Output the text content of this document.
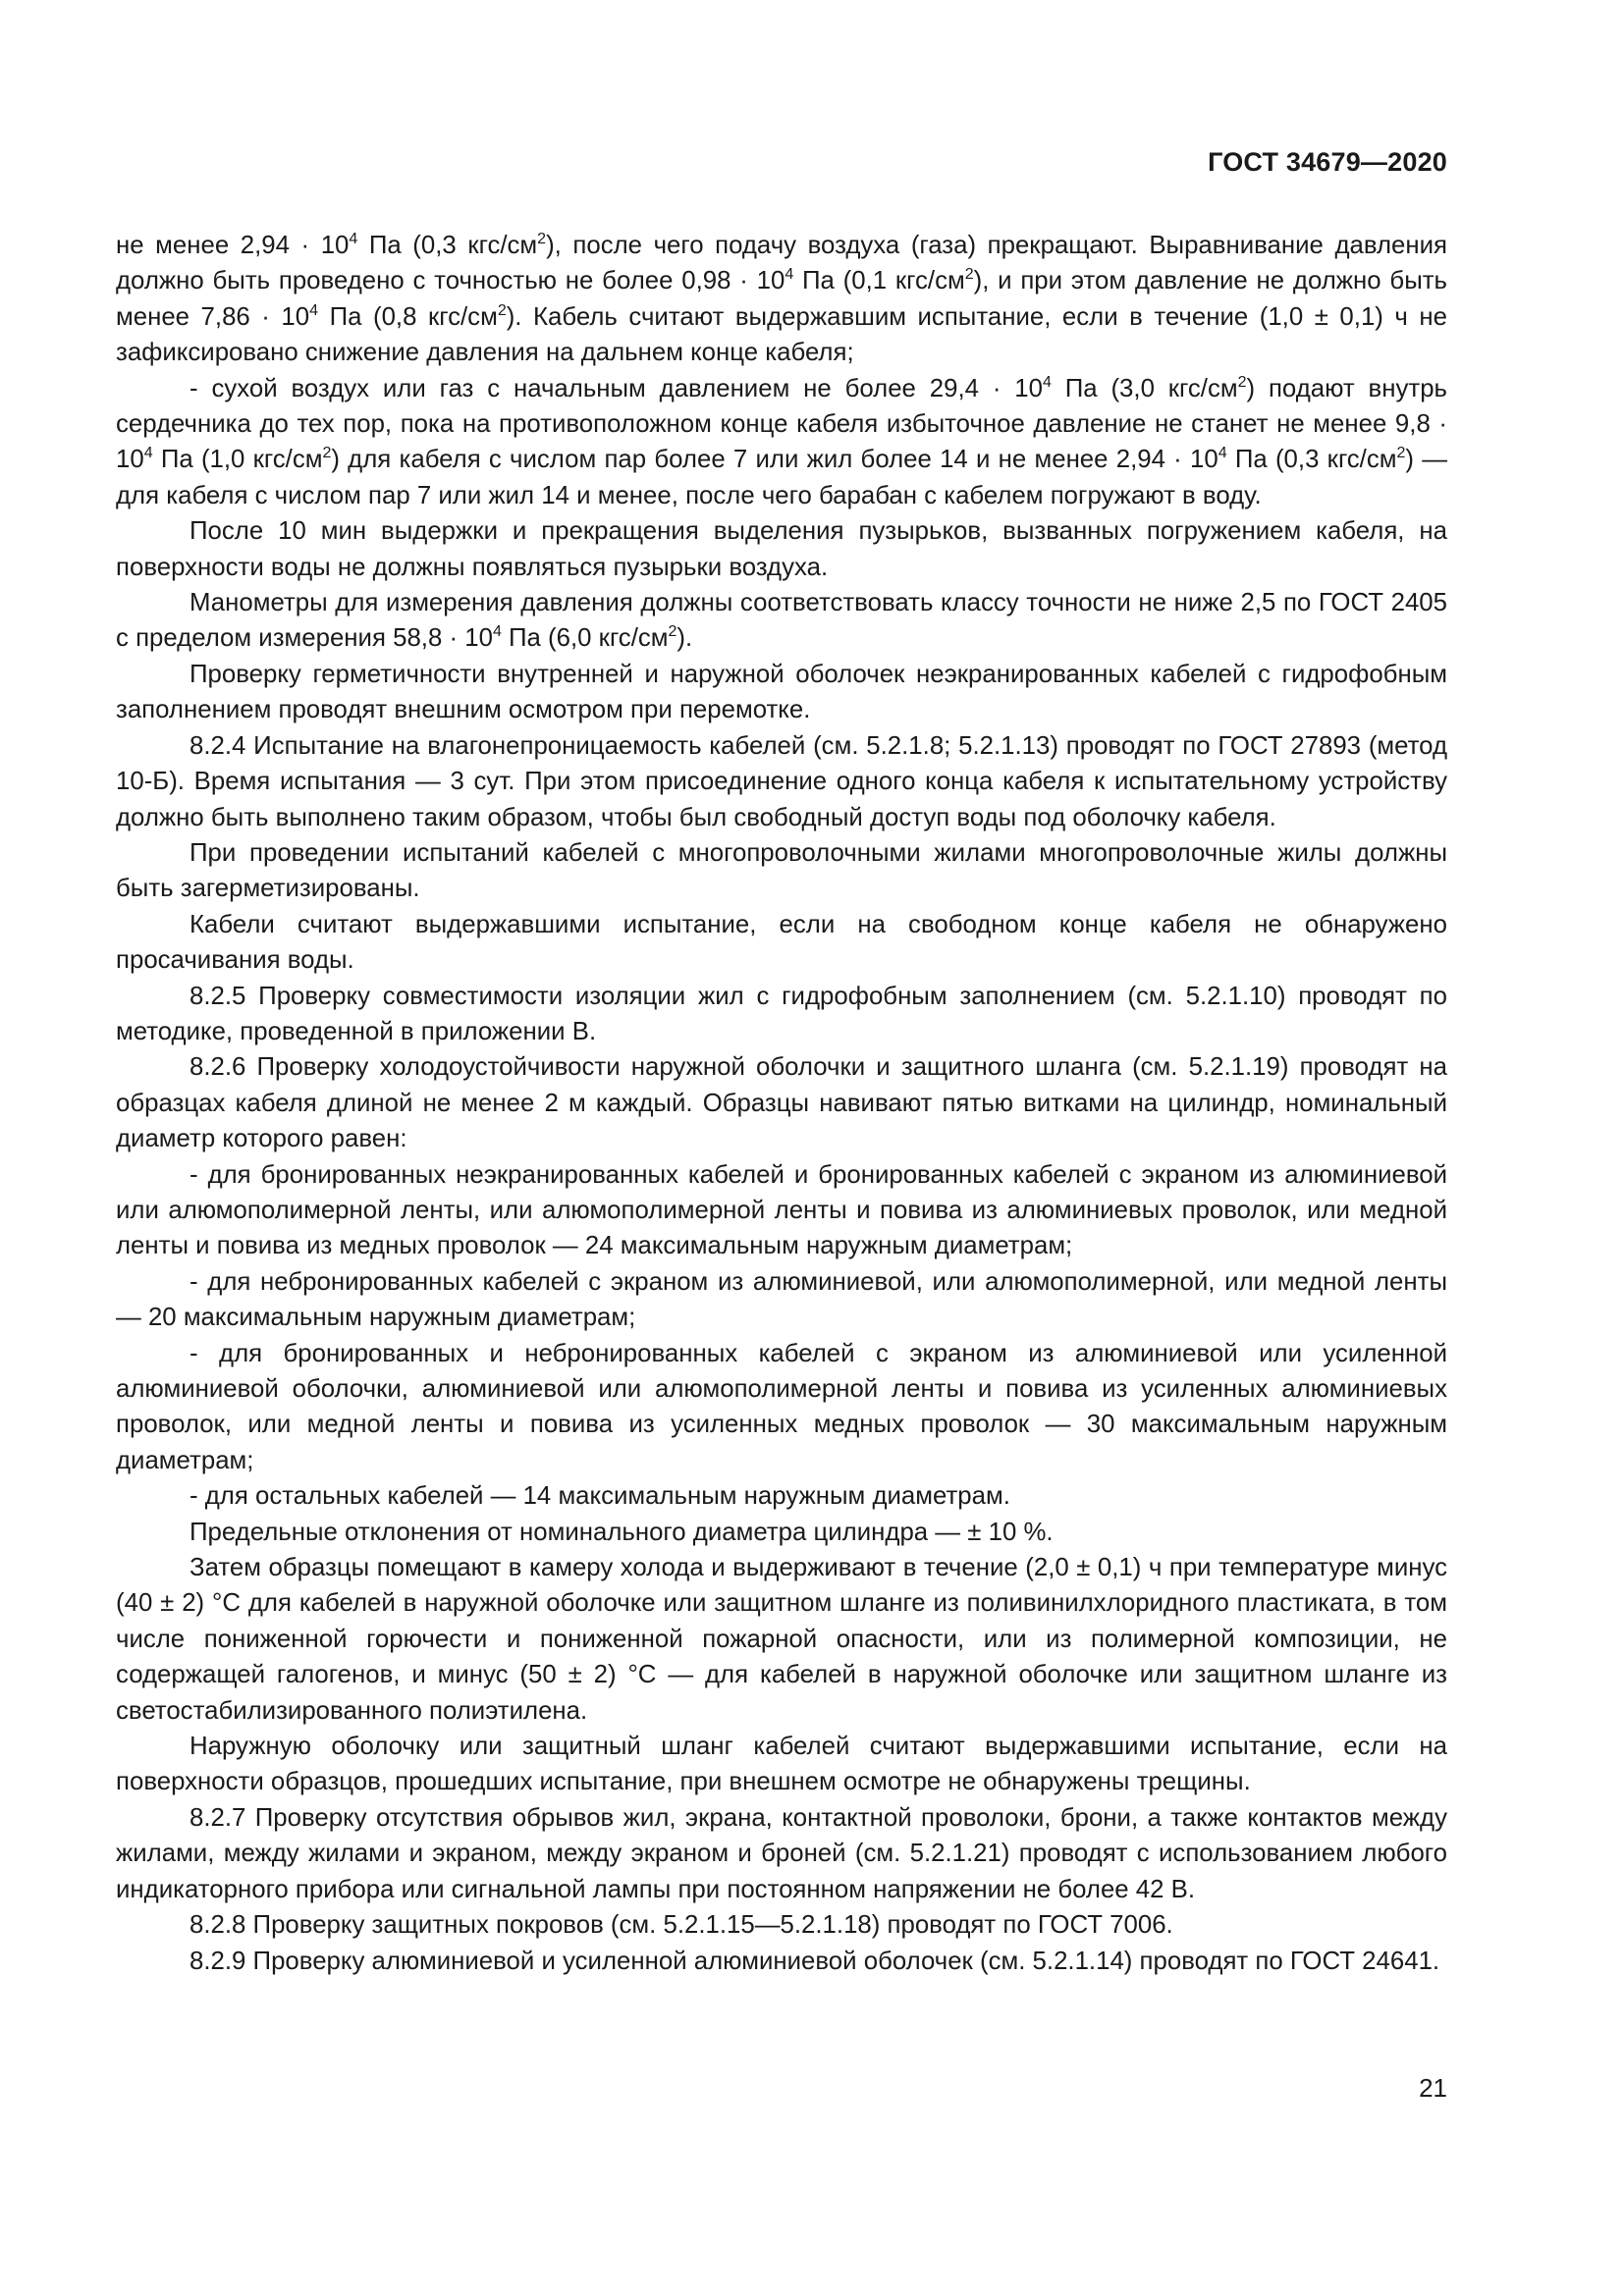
ГОСТ 34679—2020

не менее $2,94 \cdot 10^4$ Па (0,3 кгс/$см^2$), после чего подачу воздуха (газа) прекращают. Выравнивание давления должно быть проведено с точностью не более $0,98 \cdot 10^4$ Па (0,1 кгс/$см^2$), и при этом давление не должно быть менее $7,86 \cdot 10^4$ Па (0,8 кгс/$см^2$). Кабель считают выдержавшим испытание, если в течение (1,0 ± 0,1) ч не зафиксировано снижение давления на дальнем конце кабеля;

- сухой воздух или газ с начальным давлением не более $29,4 \cdot 10^4$ Па (3,0 кгс/$см^2$) подают внутрь сердечника до тех пор, пока на противоположном конце кабеля избыточное давление не станет не менее $9,8 \cdot 10^4$ Па (1,0 кгс/$см^2$) для кабеля с числом пар более 7 или жил более 14 и не менее $2,94 \cdot 10^4$ Па (0,3 кгс/$см^2$) — для кабеля с числом пар 7 или жил 14 и менее, после чего барабан с кабелем погружают в воду.

После 10 мин выдержки и прекращения выделения пузырьков, вызванных погружением кабеля, на поверхности воды не должны появляться пузырьки воздуха.

Манометры для измерения давления должны соответствовать классу точности не ниже 2,5 по ГОСТ 2405 с пределом измерения $58,8 \cdot 10^4$ Па (6,0 кгс/$см^2$).

Проверку герметичности внутренней и наружной оболочек неэкранированных кабелей с гидрофобным заполнением проводят внешним осмотром при перемотке.

8.2.4 Испытание на влагонепроницаемость кабелей (см. 5.2.1.8; 5.2.1.13) проводят по ГОСТ 27893 (метод 10-Б). Время испытания — 3 сут. При этом присоединение одного конца кабеля к испытательному устройству должно быть выполнено таким образом, чтобы был свободный доступ воды под оболочку кабеля.

При проведении испытаний кабелей с многопроволочными жилами многопроволочные жилы должны быть загерметизированы.

Кабели считают выдержавшими испытание, если на свободном конце кабеля не обнаружено просачивания воды.

8.2.5 Проверку совместимости изоляции жил с гидрофобным заполнением (см. 5.2.1.10) проводят по методике, проведенной в приложении В.

8.2.6 Проверку холодоустойчивости наружной оболочки и защитного шланга (см. 5.2.1.19) проводят на образцах кабеля длиной не менее 2 м каждый. Образцы навивают пятью витками на цилиндр, номинальный диаметр которого равен:

- для бронированных неэкранированных кабелей и бронированных кабелей с экраном из алюминиевой или алюмополимерной ленты, или алюмополимерной ленты и повива из алюминиевых проволок, или медной ленты и повива из медных проволок — 24 максимальным наружным диаметрам;

- для небронированных кабелей с экраном из алюминиевой, или алюмополимерной, или медной ленты — 20 максимальным наружным диаметрам;

- для бронированных и небронированных кабелей с экраном из алюминиевой или усиленной алюминиевой оболочки, алюминиевой или алюмополимерной ленты и повива из усиленных алюминиевых проволок, или медной ленты и повива из усиленных медных проволок — 30 максимальным наружным диаметрам;

- для остальных кабелей — 14 максимальным наружным диаметрам.

Предельные отклонения от номинального диаметра цилиндра — ± 10 %.

Затем образцы помещают в камеру холода и выдерживают в течение (2,0 ± 0,1) ч при температуре минус (40 ± 2) °С для кабелей в наружной оболочке или защитном шланге из поливинилхлоридного пластиката, в том числе пониженной горючести и пониженной пожарной опасности, или из полимерной композиции, не содержащей галогенов, и минус (50 ± 2) °С — для кабелей в наружной оболочке или защитном шланге из светостабилизированного полиэтилена.

Наружную оболочку или защитный шланг кабелей считают выдержавшими испытание, если на поверхности образцов, прошедших испытание, при внешнем осмотре не обнаружены трещины.

8.2.7 Проверку отсутствия обрывов жил, экрана, контактной проволоки, брони, а также контактов между жилами, между жилами и экраном, между экраном и броней (см. 5.2.1.21) проводят с использованием любого индикаторного прибора или сигнальной лампы при постоянном напряжении не более 42 В.

8.2.8 Проверку защитных покровов (см. 5.2.1.15—5.2.1.18) проводят по ГОСТ 7006.

8.2.9 Проверку алюминиевой и усиленной алюминиевой оболочек (см. 5.2.1.14) проводят по ГОСТ 24641.

21
